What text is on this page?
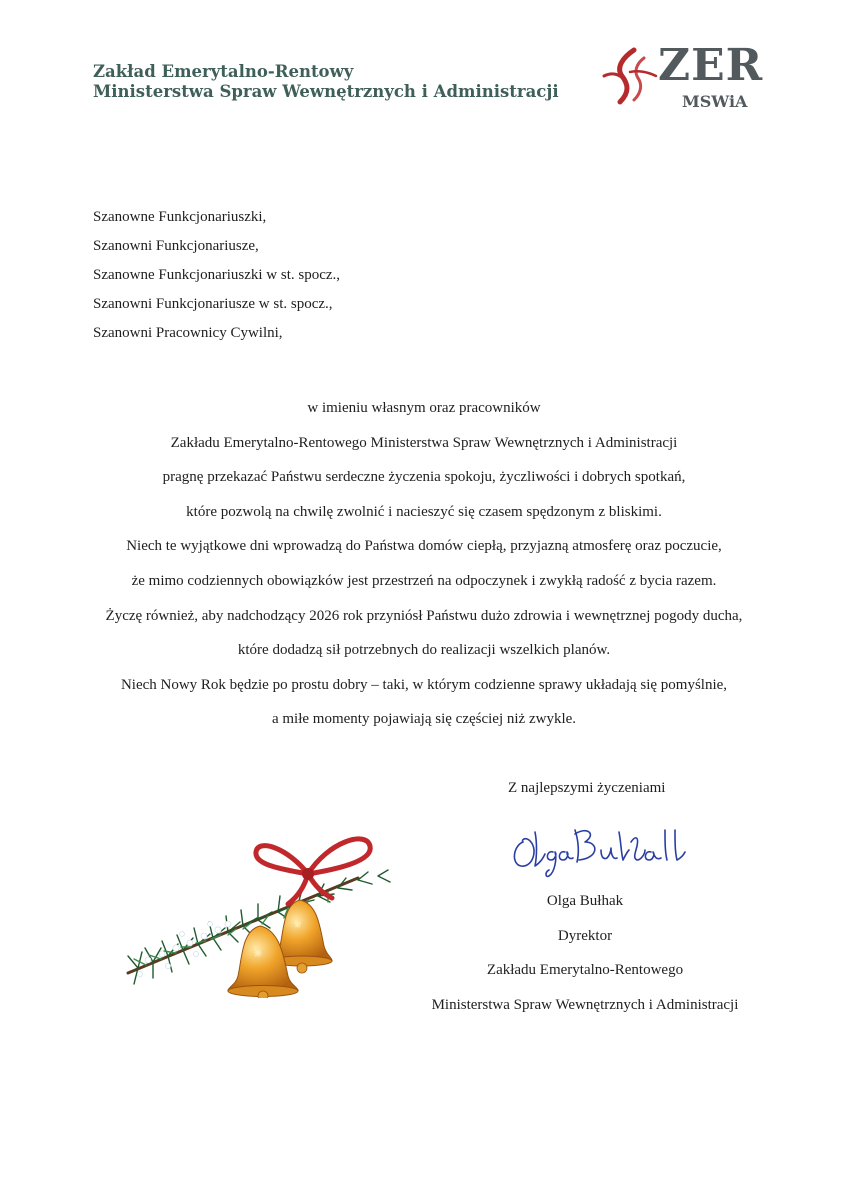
Zakład Emerytalno-Rentowy
Ministerstwa Spraw Wewnętrznych i Administracji
ZER
MSWiA
Szanowne Funkcjonariuszki,
Szanowni Funkcjonariusze,
Szanowne Funkcjonariuszki w st. spocz.,
Szanowni Funkcjonariusze w st. spocz.,
Szanowni Pracownicy Cywilni,
w imieniu własnym oraz pracowników
Zakładu Emerytalno-Rentowego Ministerstwa Spraw Wewnętrznych i Administracji
pragnę przekazać Państwu serdeczne życzenia spokoju, życzliwości i dobrych spotkań,
które pozwolą na chwilę zwolnić i nacieszyć się czasem spędzonym z bliskimi.
Niech te wyjątkowe dni wprowadzą do Państwa domów ciepłą, przyjazną atmosferę oraz poczucie,
że mimo codziennych obowiązków jest przestrzeń na odpoczynek i zwykłą radość z bycia razem.
Życzę również, aby nadchodzący 2026 rok przyniósł Państwu dużo zdrowia i wewnętrznej pogody ducha,
które dodadzą sił potrzebnych do realizacji wszelkich planów.
Niech Nowy Rok będzie po prostu dobry – taki, w którym codzienne sprawy układają się pomyślnie,
a miłe momenty pojawiają się częściej niż zwykle.
Z najlepszymi życzeniami
Olga Bułhak
Dyrektor
Zakładu Emerytalno-Rentowego
Ministerstwa Spraw Wewnętrznych i Administracji
